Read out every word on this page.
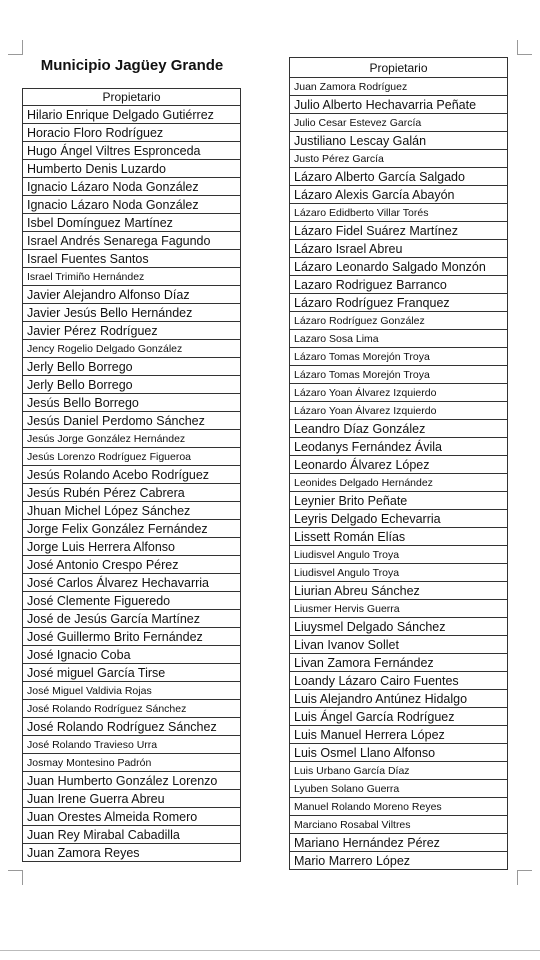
Municipio Jagüey Grande
Propietario
Hilario Enrique Delgado Gutiérrez
Horacio Floro Rodríguez
Hugo Ángel Viltres Espronceda
Humberto Denis Luzardo
Ignacio Lázaro Noda González
Ignacio Lázaro Noda González
Isbel Domínguez Martínez
Israel Andrés Senarega Fagundo
Israel Fuentes Santos
Israel Trimiño Hernández
Javier Alejandro Alfonso Díaz
Javier Jesús Bello Hernández
Javier Pérez Rodríguez
Jency Rogelio Delgado González
Jerly Bello Borrego
Jerly Bello Borrego
Jesús Bello Borrego
Jesús Daniel Perdomo Sánchez
Jesús Jorge González Hernández
Jesús Lorenzo Rodríguez Figueroa
Jesús Rolando Acebo Rodríguez
Jesús Rubén Pérez Cabrera
Jhuan Michel López Sánchez
Jorge Felix González Fernández
Jorge Luis Herrera Alfonso
José Antonio Crespo Pérez
José Carlos Álvarez Hechavarria
José Clemente Figueredo
José de Jesús García Martínez
José Guillermo Brito Fernández
José Ignacio Coba
José miguel García Tirse
José Miguel Valdivia Rojas
José Rolando Rodríguez Sánchez
José Rolando Rodríguez Sánchez
José Rolando Travieso Urra
Josmay Montesino Padrón
Juan Humberto González Lorenzo
Juan Irene Guerra Abreu
Juan Orestes Almeida Romero
Juan Rey Mirabal Cabadilla
Juan Zamora Reyes
Propietario
Juan Zamora Rodríguez
Julio Alberto Hechavarria Peñate
Julio Cesar Estevez García
Justiliano Lescay Galán
Justo Pérez García
Lázaro Alberto García Salgado
Lázaro Alexis García Abayón
Lázaro Edidberto Villar Torés
Lázaro Fidel Suárez Martínez
Lázaro Israel Abreu
Lázaro Leonardo Salgado Monzón
Lazaro Rodriguez Barranco
Lázaro Rodríguez Franquez
Lázaro Rodríguez González
Lazaro Sosa Lima
Lázaro Tomas Morejón Troya
Lázaro Tomas Morejón Troya
Lázaro Yoan Álvarez Izquierdo
Lázaro Yoan Álvarez Izquierdo
Leandro Díaz González
Leodanys Fernández Ávila
Leonardo Álvarez López
Leonides Delgado Hernández
Leynier Brito Peñate
Leyris Delgado Echevarria
Lissett Román Elías
Liudisvel Angulo Troya
Liudisvel Angulo Troya
Liurian Abreu Sánchez
Liusmer Hervis Guerra
Liuysmel Delgado Sánchez
Livan Ivanov Sollet
Livan Zamora Fernández
Loandy Lázaro Cairo Fuentes
Luis Alejandro Antúnez Hidalgo
Luis Ángel García Rodríguez
Luis Manuel Herrera López
Luis Osmel Llano Alfonso
Luis Urbano García Díaz
Lyuben Solano Guerra
Manuel Rolando Moreno Reyes
Marciano Rosabal Viltres
Mariano Hernández Pérez
Mario Marrero López
